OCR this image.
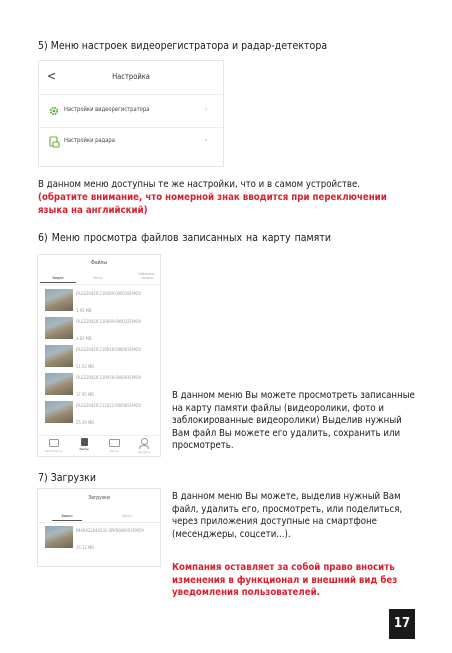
5) Меню настроек видеорегистратора и радар-детектора
<	Настройка
Настройки видеорегистратора	›
Настройки радара	›
В данном меню доступны те же настройки, что и в самом устройстве.
(обратите внимание, что номерной знак вводится при переключении языка на английский)
6) Меню просмотра файлов записанных на карту памяти
Файлы
Видео	Фото
Заблокир. записи
FILE220420-110409-000018F.MOV
1.95 MB
FILE220420-110839-000032F.MOV
4.83 MB
FILE220420-110918-000003F.MOV
51.52 MB
FILE220420-110918-000004F.MOV
17.95 MB
FILE220420-111012-000005F.MOV
25.39 MB
Регистратор	Файлы	Папка	Профиль
В данном меню Вы можете просмотреть записанные на карту памяти файлы (видеоролики, фото и заблокированные видеоролики) Выделив нужный Вам файл Вы можете его удалить, сохранить или просмотреть.
7) Загрузки
Загрузки
Видео	Фото
IMAR022044201-SPKR000003F.MOV
35.12 MB
В данном меню Вы можете, выделив нужный Вам файл, удалить его, просмотреть, или поделиться, через приложения доступные на смартфоне (месенджеры, соцсети...).
Компания оставляет за собой право вносить изменения в функционал и внешний вид без уведомления пользователей.
17
